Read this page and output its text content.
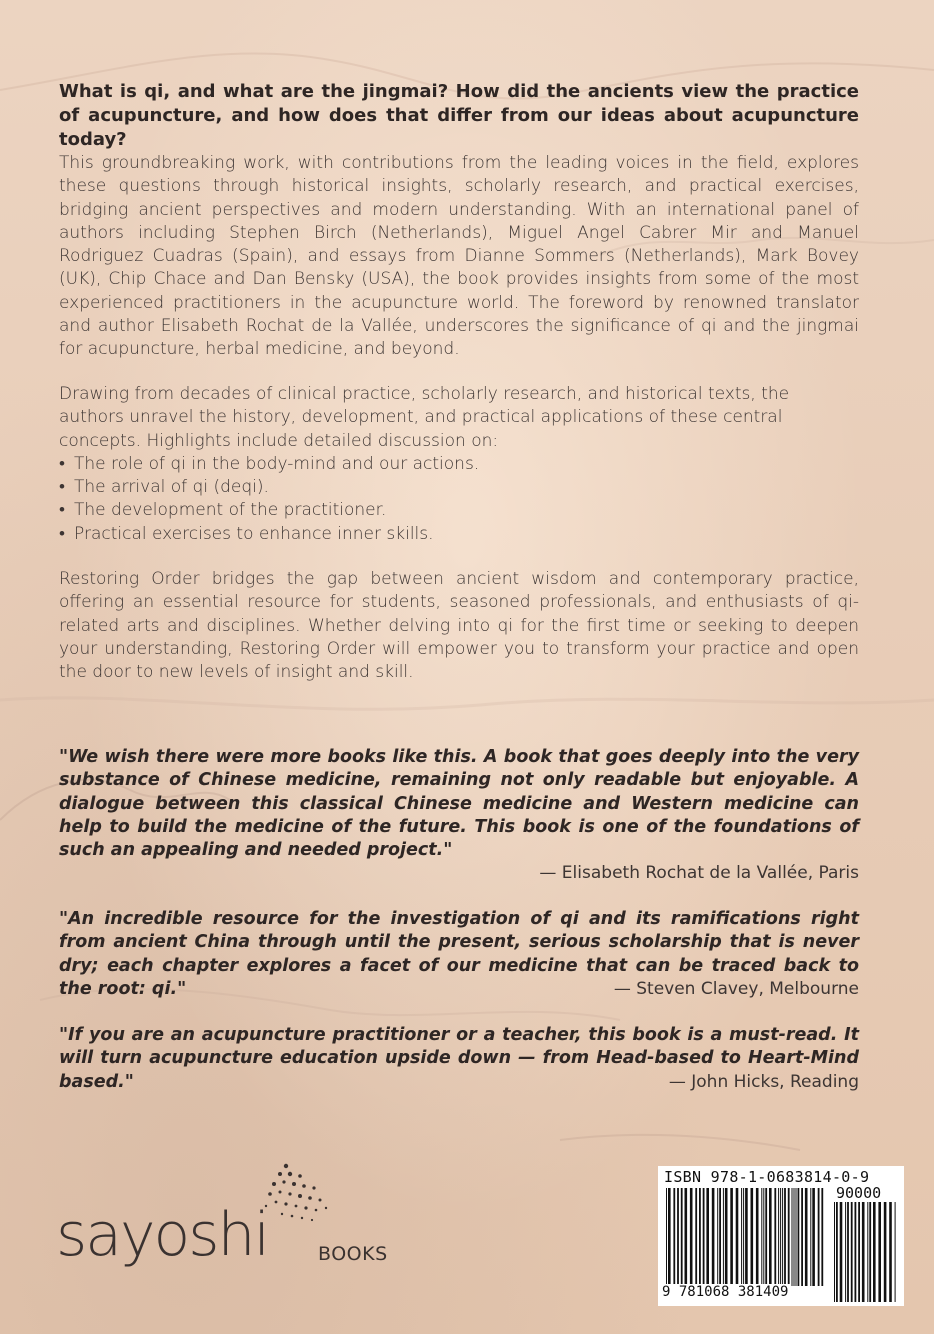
What is qi, and what are the jingmai? How did the ancients view the practice of acupuncture, and how does that differ from our ideas about acupuncture today?
This groundbreaking work, with contributions from the leading voices in the field, explores these questions through historical insights, scholarly research, and practical exercises, bridging ancient perspectives and modern understanding. With an international panel of authors including Stephen Birch (Netherlands), Miguel Angel Cabrer Mir and Manuel Rodriguez Cuadras (Spain), and essays from Dianne Sommers (Netherlands), Mark Bovey (UK), Chip Chace and Dan Bensky (USA), the book provides insights from some of the most experienced practitioners in the acupuncture world. The foreword by renowned translator and author Elisabeth Rochat de la Vallée, underscores the significance of qi and the jingmai for acupuncture, herbal medicine, and beyond.
Drawing from decades of clinical practice, scholarly research, and historical texts, the authors unravel the history, development, and practical applications of these central concepts. Highlights include detailed discussion on:
• The role of qi in the body-mind and our actions.
• The arrival of qi (deqi).
• The development of the practitioner.
• Practical exercises to enhance inner skills.
Restoring Order bridges the gap between ancient wisdom and contemporary practice, offering an essential resource for students, seasoned professionals, and enthusiasts of qi-related arts and disciplines. Whether delving into qi for the first time or seeking to deepen your understanding, Restoring Order will empower you to transform your practice and open the door to new levels of insight and skill.
"We wish there were more books like this. A book that goes deeply into the very substance of Chinese medicine, remaining not only readable but enjoyable. A dialogue between this classical Chinese medicine and Western medicine can help to build the medicine of the future. This book is one of the foundations of such an appealing and needed project."
— Elisabeth Rochat de la Vallée, Paris
"An incredible resource for the investigation of qi and its ramifications right from ancient China through until the present, serious scholarship that is never dry; each chapter explores a facet of our medicine that can be traced back to the root: qi."	— Steven Clavey, Melbourne
"If you are an acupuncture practitioner or a teacher, this book is a must-read. It will turn acupuncture education upside down — from Head-based to Heart-Mind based."	— John Hicks, Reading
sayoshi	BOOKS
ISBN 978-1-0683814-0-9
90000
9 781068 381409
